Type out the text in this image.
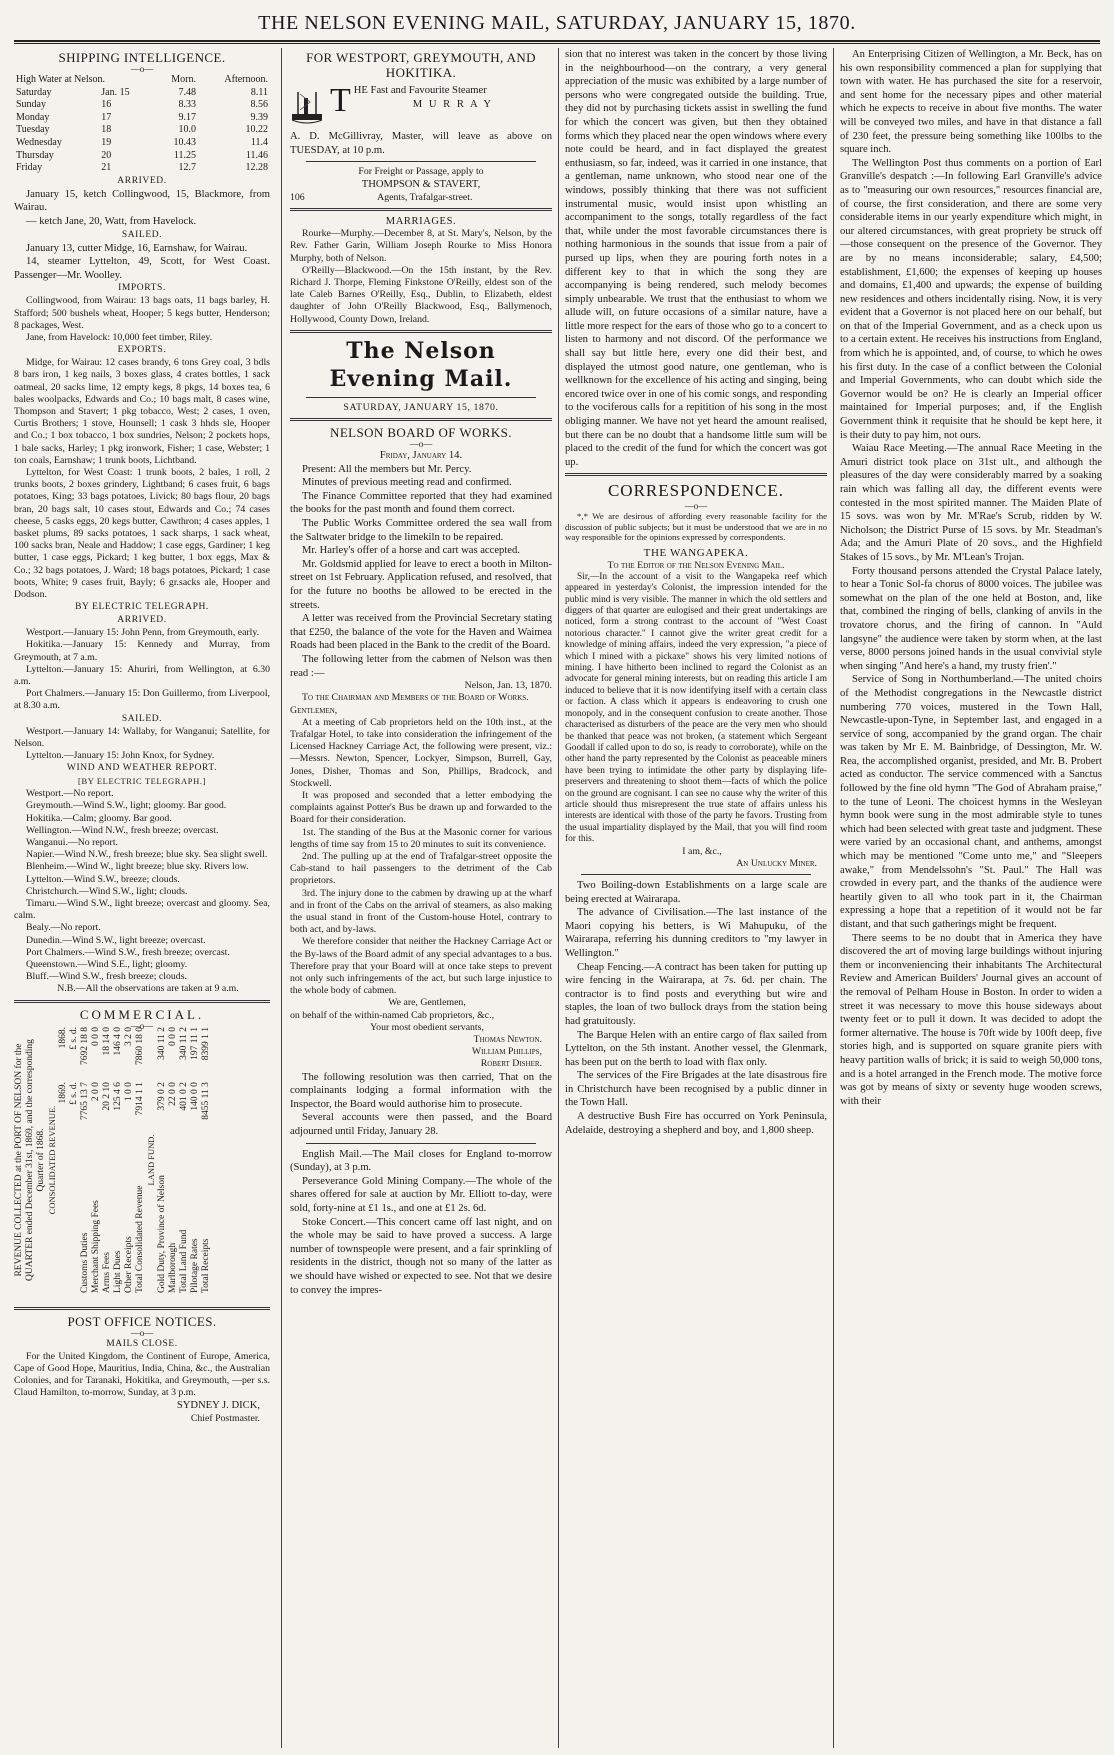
THE NELSON EVENING MAIL, SATURDAY, JANUARY 15, 1870.
SHIPPING INTELLIGENCE.
—o—
High Water at Nelson.		Morn.	Afternoon.
Saturday	Jan. 15	7.48	8.11
Sunday	16	8.33	8.56
Monday	17	9.17	9.39
Tuesday	18	10.0	10.22
Wednesday	19	10.43	11.4
Thursday	20	11.25	11.46
Friday	21	12.7	12.28
ARRIVED.

January 15, ketch Collingwood, 15, Blackmore, from Wairau.

— ketch Jane, 20, Watt, from Havelock.

SAILED.

January 13, cutter Midge, 16, Earnshaw, for Wairau.

14, steamer Lyttelton, 49, Scott, for West Coast. Passenger—Mr. Woolley.

IMPORTS.

Collingwood, from Wairau: 13 bags oats, 11 bags barley, H. Stafford; 500 bushels wheat, Hooper; 5 kegs butter, Henderson; 8 packages, West.

Jane, from Havelock: 10,000 feet timber, Riley.

EXPORTS.

Midge, for Wairau: 12 cases brandy, 6 tons Grey coal, 3 bdls 8 bars iron, 1 keg nails, 3 boxes glass, 4 crates bottles, 1 sack oatmeal, 20 sacks lime, 12 empty kegs, 8 pkgs, 14 boxes tea, 6 bales woolpacks, Edwards and Co.; 10 bags malt, 8 cases wine, Thompson and Stavert; 1 pkg tobacco, West; 2 cases, 1 oven, Curtis Brothers; 1 stove, Hounsell; 1 cask 3 hhds sle, Hooper and Co.; 1 box tobacco, 1 box sundries, Nelson; 2 pockets hops, 1 bale sacks, Harley; 1 pkg ironwork, Fisher; 1 case, Webster; 1 ton coals, Earnshaw; 1 trunk boots, Lichtband.

Lyttelton, for West Coast: 1 trunk boots, 2 bales, 1 roll, 2 trunks boots, 2 boxes grindery, Lightband; 6 cases fruit, 6 bags potatoes, King; 33 bags potatoes, Livick; 80 bags flour, 20 bags bran, 20 bags salt, 10 cases stout, Edwards and Co.; 74 cases cheese, 5 casks eggs, 20 kegs butter, Cawthron; 4 cases apples, 1 basket plums, 89 sacks potatoes, 1 sack sharps, 1 sack wheat, 100 sacks bran, Neale and Haddow; 1 case eggs, Gardiner; 1 keg butter, 1 case eggs, Pickard; 1 keg butter, 1 box eggs, Max & Co.; 32 bags potatoes, J. Ward; 18 bags potatoes, Pickard; 1 case boots, White; 9 cases fruit, Bayly; 6 gr.sacks ale, Hooper and Dodson.

BY ELECTRIC TELEGRAPH.
ARRIVED.

Westport.—January 15: John Penn, from Greymouth, early.

Hokitika.—January 15: Kennedy and Murray, from Greymouth, at 7 a.m.

Lyttelton.—January 15: Ahuriri, from Wellington, at 6.30 a.m.

Port Chalmers.—January 15: Don Guillermo, from Liverpool, at 8.30 a.m.

SAILED.

Westport.—January 14: Wallaby, for Wanganui; Satellite, for Nelson.

Lyttelton.—January 15: John Knox, for Sydney.

WIND AND WEATHER REPORT.
[BY ELECTRIC TELEGRAPH.]

Westport.—No report.

Greymouth.—Wind S.W., light; gloomy. Bar good.

Hokitika.—Calm; gloomy. Bar good.

Wellington.—Wind N.W., fresh breeze; overcast.

Wanganui.—No report.

Napier.—Wind N.W., fresh breeze; blue sky. Sea slight swell.

Blenheim.—Wind W., light breeze; blue sky. Rivers low.

Lyttelton.—Wind S.W., breeze; clouds.

Christchurch.—Wind S.W., light; clouds.

Timaru.—Wind S.W., light breeze; overcast and gloomy. Sea, calm.

Bealy.—No report.

Dunedin.—Wind S.W., light breeze; overcast.

Port Chalmers.—Wind S.W., fresh breeze; overcast.

Queenstown.—Wind S.E., light; gloomy.

Bluff.—Wind S.W., fresh breeze; clouds.

N.B.—All the observations are taken at 9 a.m.

COMMERCIAL.
—o—
REVENUE COLLECTED at the PORT OF NELSON for the QUARTER ended December 31st, 1869, and the corresponding Quarter of 1868. CONSOLIDATED REVENUE.
	1869.	1868.
	£ s. d.	£ s. d.
Customs Duties	7765 13 7	7692 18 8
Merchant Shipping Fees	2 0 0	0 0 0
Arms Fees	20 2 10	18 14 0
Light Dues	125 4 6	146 4 0
Other Receipts	1 0 0	3 2 0
Total Consolidated Revenue	7914 1 1	7860 18 0
LAND FUND.		
Gold Duty, Province of Nelson	379 0 2	340 11 2
Marlborough	22 0 0	0 0 0
Total Land Fund	401 0 2	340 11 2
Pilotage Rates	140 0 0	197 11 1
Total Receipts	8455 11 3	8399 1 1
POST OFFICE NOTICES.
—o—
MAILS CLOSE.

For the United Kingdom, the Continent of Europe, America, Cape of Good Hope, Mauritius, India, China, &c., the Australian Colonies, and for Taranaki, Hokitika, and Greymouth, —per s.s. Claud Hamilton, to-morrow, Sunday, at 3 p.m.

SYDNEY J. DICK,

Chief Postmaster.

FOR WESTPORT, GREYMOUTH, AND HOKITIKA.
T HE Fast and Favourite Steamer

M U R R A Y

A. D. McGillivray, Master, will leave as above on TUESDAY, at 10 p.m.

For Freight or Passage, apply to

THOMPSON & STAVERT,

106	Agents, Trafalgar-street.

MARRIAGES.

Rourke—Murphy.—December 8, at St. Mary's, Nelson, by the Rev. Father Garin, William Joseph Rourke to Miss Honora Murphy, both of Nelson.

O'Reilly—Blackwood.—On the 15th instant, by the Rev. Richard J. Thorpe, Fleming Finkstone O'Reilly, eldest son of the late Caleb Barnes O'Reilly, Esq., Dublin, to Elizabeth, eldest daughter of John O'Reilly Blackwood, Esq., Ballymenoch, Hollywood, County Down, Ireland.

The Nelson Evening Mail.

SATURDAY, JANUARY 15, 1870.

NELSON BOARD OF WORKS.
—o—

Friday, January 14.

Present: All the members but Mr. Percy.

Minutes of previous meeting read and confirmed.

The Finance Committee reported that they had examined the books for the past month and found them correct.

The Public Works Committee ordered the sea wall from the Saltwater bridge to the limekiln to be repaired.

Mr. Harley's offer of a horse and cart was accepted.

Mr. Goldsmid applied for leave to erect a booth in Milton-street on 1st February. Application refused, and resolved, that for the future no booths be allowed to be erected in the streets.

A letter was received from the Provincial Secretary stating that £250, the balance of the vote for the Haven and Waimea Roads had been placed in the Bank to the credit of the Board.

The following letter from the cabmen of Nelson was then read :—

Nelson, Jan. 13, 1870.

To the Chairman and Members of the Board of Works.

Gentlemen,

At a meeting of Cab proprietors held on the 10th inst., at the Trafalgar Hotel, to take into consideration the infringement of the Licensed Hackney Carriage Act, the following were present, viz.:—Messrs. Newton, Spencer, Lockyer, Simpson, Burrell, Gay, Jones, Disher, Thomas and Son, Phillips, Bradcock, and Stockwell.

It was proposed and seconded that a letter embodying the complaints against Potter's Bus be drawn up and forwarded to the Board for their consideration.

1st. The standing of the Bus at the Masonic corner for various lengths of time say from 15 to 20 minutes to suit its convenience.

2nd. The pulling up at the end of Trafalgar-street opposite the Cab-stand to hail passengers to the detriment of the Cab proprietors.

3rd. The injury done to the cabmen by drawing up at the wharf and in front of the Cabs on the arrival of steamers, as also making the usual stand in front of the Custom-house Hotel, contrary to both act, and by-laws.

We therefore consider that neither the Hackney Carriage Act or the By-laws of the Board admit of any special advantages to a bus. Therefore pray that your Board will at once take steps to prevent not only such infringements of the act, but such large injustice to the whole body of cabmen.

We are, Gentlemen,

on behalf of the within-named Cab proprietors, &c.,

Your most obedient servants,

Thomas Newton.

William Phillips,

Robert Disher.

The following resolution was then carried, That on the complainants lodging a formal information with the Inspector, the Board would authorise him to prosecute.

Several accounts were then passed, and the Board adjourned until Friday, January 28.

English Mail.—The Mail closes for England to-morrow (Sunday), at 3 p.m.

Perseverance Gold Mining Company.—The whole of the shares offered for sale at auction by Mr. Elliott to-day, were sold, forty-nine at £1 1s., and one at £1 2s. 6d.

Stoke Concert.—This concert came off last night, and on the whole may be said to have proved a success. A large number of townspeople were present, and a fair sprinkling of residents in the district, though not so many of the latter as we should have wished or expected to see. Not that we desire to convey the impres-

sion that no interest was taken in the concert by those living in the neighbourhood—on the contrary, a very general appreciation of the music was exhibited by a large number of persons who were congregated outside the building. True, they did not by purchasing tickets assist in swelling the fund for which the concert was given, but then they obtained forms which they placed near the open windows where every note could be heard, and in fact displayed the greatest enthusiasm, so far, indeed, was it carried in one instance, that a gentleman, name unknown, who stood near one of the windows, possibly thinking that there was not sufficient instrumental music, would insist upon whistling an accompaniment to the songs, totally regardless of the fact that, while under the most favorable circumstances there is nothing harmonious in the sounds that issue from a pair of pursed up lips, when they are pouring forth notes in a different key to that in which the song they are accompanying is being rendered, such melody becomes simply unbearable. We trust that the enthusiast to whom we allude will, on future occasions of a similar nature, have a little more respect for the ears of those who go to a concert to listen to harmony and not discord. Of the performance we shall say but little here, every one did their best, and displayed the utmost good nature, one gentleman, who is wellknown for the excellence of his acting and singing, being encored twice over in one of his comic songs, and responding to the vociferous calls for a repitition of his song in the most obliging manner. We have not yet heard the amount realised, but there can be no doubt that a handsome little sum will be placed to the credit of the fund for which the concert was got up.

CORRESPONDENCE.
—o—

*,* We are desirous of affording every reasonable facility for the discussion of public subjects; but it must be understood that we are in no way responsible for the opinions expressed by correspondents.

THE WANGAPEKA.

To the Editor of the Nelson Evening Mail.

Sir,—In the account of a visit to the Wangapeka reef which appeared in yesterday's Colonist, the impression intended for the public mind is very visible. The manner in which the old settlers and diggers of that quarter are eulogised and their great undertakings are noticed, form a strong contrast to the account of "West Coast notorious character." I cannot give the writer great credit for a knowledge of mining affairs, indeed the very expression, "a piece of which I mined with a pickaxe" shows his very limited notions of mining. I have hitherto been inclined to regard the Colonist as an advocate for general mining interests, but on reading this article I am induced to believe that it is now identifying itself with a certain class or faction. A class which it appears is endeavoring to crush one monopoly, and in the consequent confusion to create another. Those characterised as disturbers of the peace are the very men who should be thanked that peace was not broken, (a statement which Sergeant Goodall if called upon to do so, is ready to corroborate), while on the other hand the party represented by the Colonist as peaceable miners have been trying to intimidate the other party by displaying life-preservers and threatening to shoot them—facts of which the police on the ground are cognisant. I can see no cause why the writer of this article should thus misrepresent the true state of affairs unless his interests are identical with those of the party he favors. Trusting from the usual impartiality displayed by the Mail, that you will find room for this.

I am, &c.,

An Unlucky Miner.

Two Boiling-down Establishments on a large scale are being erected at Wairarapa.

The advance of Civilisation.—The last instance of the Maori copying his betters, is Wi Mahupuku, of the Wairarapa, referring his dunning creditors to "my lawyer in Wellington."

Cheap Fencing.—A contract has been taken for putting up wire fencing in the Wairarapa, at 7s. 6d. per chain. The contractor is to find posts and everything but wire and staples, the loan of two bullock drays from the station being had gratuitously.

The Barque Helen with an entire cargo of flax sailed from Lyttelton, on the 5th instant. Another vessel, the Glenmark, has been put on the berth to load with flax only.

The services of the Fire Brigades at the late disastrous fire in Christchurch have been recognised by a public dinner in the Town Hall.

A destructive Bush Fire has occurred on York Peninsula, Adelaide, destroying a shepherd and boy, and 1,800 sheep.

An Enterprising Citizen of Wellington, a Mr. Beck, has on his own responsibility commenced a plan for supplying that town with water. He has purchased the site for a reservoir, and sent home for the necessary pipes and other material which he expects to receive in about five months. The water will be conveyed two miles, and have in that distance a fall of 230 feet, the pressure being something like 100lbs to the square inch.

The Wellington Post thus comments on a portion of Earl Granville's despatch :—In following Earl Granville's advice as to "measuring our own resources," resources financial are, of course, the first consideration, and there are some very considerable items in our yearly expenditure which might, in our altered circumstances, with great propriety be struck off—those consequent on the presence of the Governor. They are by no means inconsiderable; salary, £4,500; establishment, £1,600; the expenses of keeping up houses and domains, £1,400 and upwards; the expense of building new residences and others incidentally rising. Now, it is very evident that a Governor is not placed here on our behalf, but on that of the Imperial Government, and as a check upon us to a certain extent. He receives his instructions from England, from which he is appointed, and, of course, to which he owes his first duty. In the case of a conflict between the Colonial and Imperial Governments, who can doubt which side the Governor would be on? He is clearly an Imperial officer maintained for Imperial purposes; and, if the English Government think it requisite that he should be kept here, it is their duty to pay him, not ours.

Waiau Race Meeting.—The annual Race Meeting in the Amuri district took place on 31st ult., and although the pleasures of the day were considerably marred by a soaking rain which was falling all day, the different events were contested in the most spirited manner. The Maiden Plate of 15 sovs. was won by Mr. M'Rae's Scrub, ridden by W. Nicholson; the District Purse of 15 sovs. by Mr. Steadman's Ada; and the Amuri Plate of 20 sovs., and the Highfield Stakes of 15 sovs., by Mr. M'Lean's Trojan.

Forty thousand persons attended the Crystal Palace lately, to hear a Tonic Sol-fa chorus of 8000 voices. The jubilee was somewhat on the plan of the one held at Boston, and, like that, combined the ringing of bells, clanking of anvils in the trovatore chorus, and the firing of cannon. In "Auld langsyne" the audience were taken by storm when, at the last verse, 8000 persons joined hands in the usual convivial style when singing "And here's a hand, my trusty frien'."

Service of Song in Northumberland.—The united choirs of the Methodist congregations in the Newcastle district numbering 770 voices, mustered in the Town Hall, Newcastle-upon-Tyne, in September last, and engaged in a service of song, accompanied by the grand organ. The chair was taken by Mr E. M. Bainbridge, of Dessington, Mr. W. Rea, the accomplished organist, presided, and Mr. B. Probert acted as conductor. The service commenced with a Sanctus followed by the fine old hymn "The God of Abraham praise," to the tune of Leoni. The choicest hymns in the Wesleyan hymn book were sung in the most admirable style to tunes which had been selected with great taste and judgment. These were varied by an occasional chant, and anthems, amongst which may be mentioned "Come unto me," and "Sleepers awake," from Mendelssohn's "St. Paul." The Hall was crowded in every part, and the thanks of the audience were heartily given to all who took part in it, the Chairman expressing a hope that a repetition of it would not be far distant, and that such gatherings might be frequent.

There seems to be no doubt that in America they have discovered the art of moving large buildings without injuring them or inconveniencing their inhabitants The Architectural Review and American Builders' Journal gives an account of the removal of Pelham House in Boston. In order to widen a street it was necessary to move this house sideways about twenty feet or to pull it down. It was decided to adopt the former alternative. The house is 70ft wide by 100ft deep, five stories high, and is supported on square granite piers with heavy partition walls of brick; it is said to weigh 50,000 tons, and is a hotel arranged in the French mode. The motive force was got by means of sixty or seventy huge wooden screws, with their
